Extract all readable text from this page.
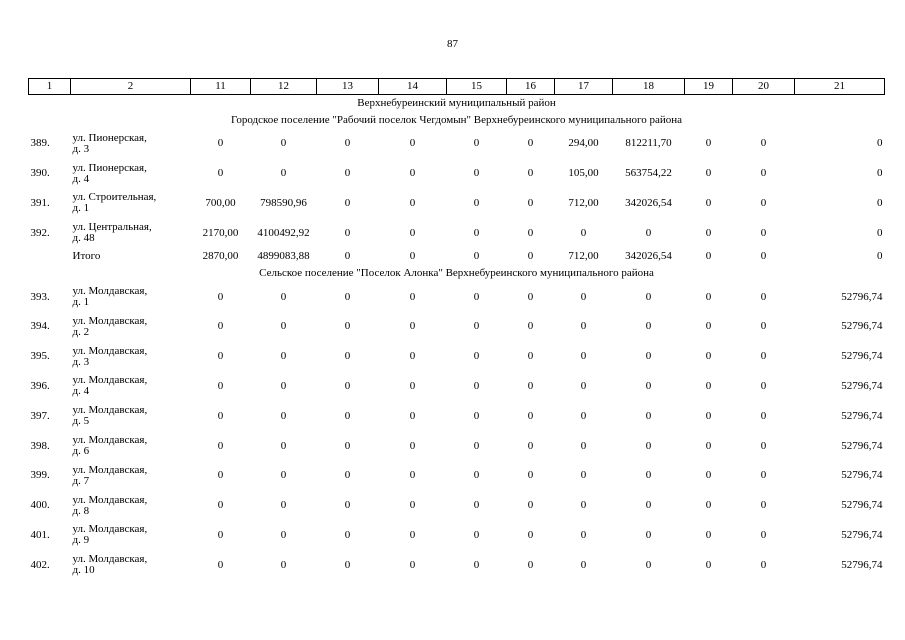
87
1	2	11	12	13	14	15	16	17	18	19	20	21
Верхнебуреинский муниципальный район												
Городское поселение "Рабочий поселок Чегдомын" Верхнебуреинского муниципального района												
389.	ул. Пионерская,
д. 3	0	0	0	0	0	0	294,00	812211,70	0	0	0
390.	ул. Пионерская,
д. 4	0	0	0	0	0	0	105,00	563754,22	0	0	0
391.	ул. Строительная,
д. 1	700,00	798590,96	0	0	0	0	712,00	342026,54	0	0	0
392.	ул. Центральная,
д. 48	2170,00	4100492,92	0	0	0	0	0	0	0	0	0
	Итого	2870,00	4899083,88	0	0	0	0	712,00	342026,54	0	0	0
Сельское поселение "Поселок Алонка" Верхнебуреинского муниципального района												
393.	ул. Молдавская,
д. 1	0	0	0	0	0	0	0	0	0	0	52796,74
394.	ул. Молдавская,
д. 2	0	0	0	0	0	0	0	0	0	0	52796,74
395.	ул. Молдавская,
д. 3	0	0	0	0	0	0	0	0	0	0	52796,74
396.	ул. Молдавская,
д. 4	0	0	0	0	0	0	0	0	0	0	52796,74
397.	ул. Молдавская,
д. 5	0	0	0	0	0	0	0	0	0	0	52796,74
398.	ул. Молдавская,
д. 6	0	0	0	0	0	0	0	0	0	0	52796,74
399.	ул. Молдавская,
д. 7	0	0	0	0	0	0	0	0	0	0	52796,74
400.	ул. Молдавская,
д. 8	0	0	0	0	0	0	0	0	0	0	52796,74
401.	ул. Молдавская,
д. 9	0	0	0	0	0	0	0	0	0	0	52796,74
402.	ул. Молдавская,
д. 10	0	0	0	0	0	0	0	0	0	0	52796,74
